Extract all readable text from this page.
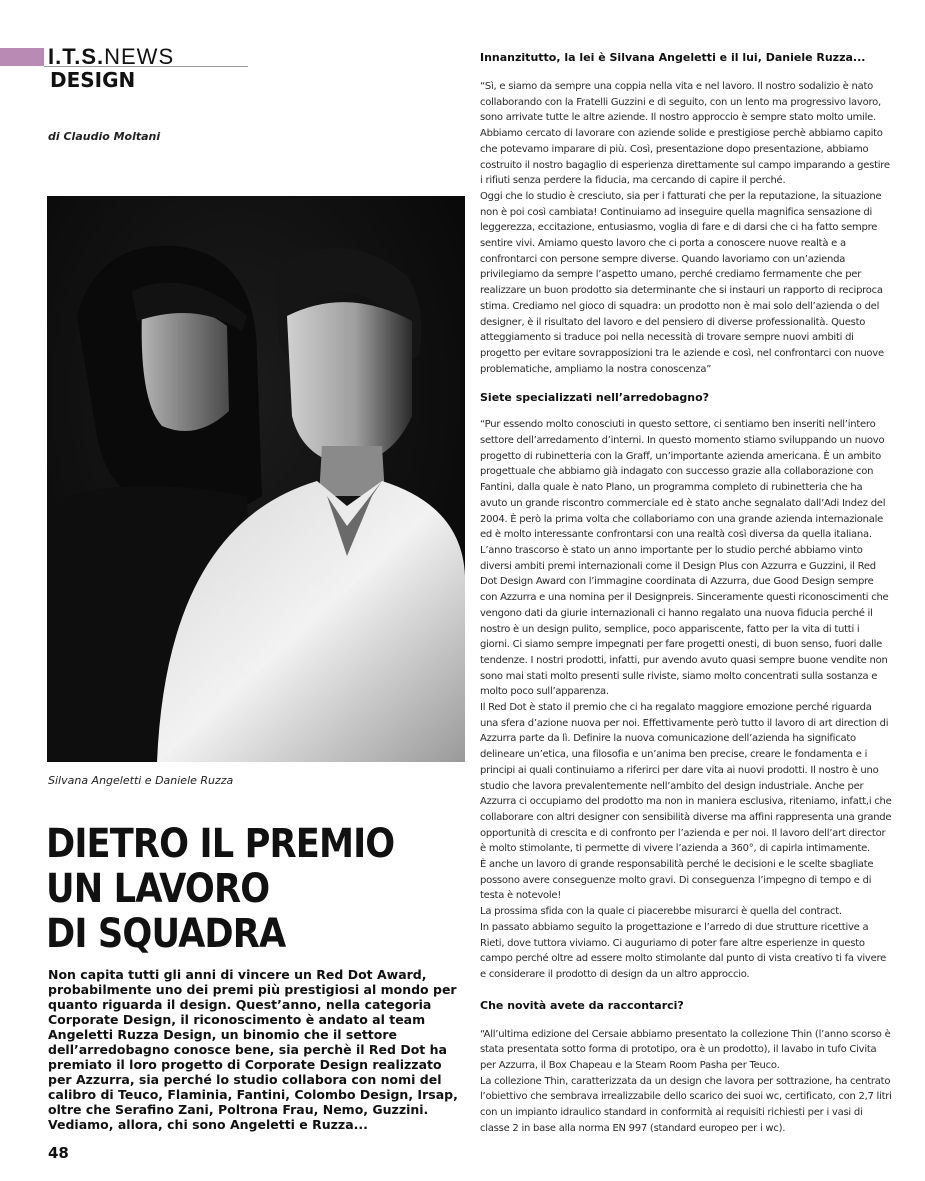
I.T.S.NEWS
DESIGN
di Claudio Moltani
Silvana Angeletti e Daniele Ruzza
DIETRO IL PREMIO
UN LAVORO
DI SQUADRA

Non capita tutti gli anni di vincere un Red Dot Award, probabilmente uno dei premi più prestigiosi al mondo per quanto riguarda il design. Quest’anno, nella categoria Corporate Design, il riconoscimento è andato al team Angeletti Ruzza Design, un binomio che il settore dell’arredobagno conosce bene, sia perchè il Red Dot ha premiato il loro progetto di Corporate Design realizzato per Azzurra, sia perché lo studio collabora con nomi del calibro di Teuco, Flaminia, Fantini, Colombo Design, Irsap, oltre che Serafino Zani, Poltrona Frau, Nemo, Guzzini. Vediamo, allora, chi sono Angeletti e Ruzza...

48
Innanzitutto, la lei è Silvana Angeletti e il lui, Daniele Ruzza...

“Sì, e siamo da sempre una coppia nella vita e nel lavoro. Il nostro sodalizio è nato collaborando con la Fratelli Guzzini e di seguito, con un lento ma progressivo lavoro, sono arrivate tutte le altre aziende. Il nostro approccio è sempre stato molto umile. Abbiamo cercato di lavorare con aziende solide e prestigiose perchè abbiamo capito che potevamo imparare di più. Così, presentazione dopo presentazione, abbiamo costruito il nostro bagaglio di esperienza direttamente sul campo imparando a gestire i rifiuti senza perdere la fiducia, ma cercando di capire il perché.

Oggi che lo studio è cresciuto, sia per i fatturati che per la reputazione, la situazione non è poi così cambiata! Continuiamo ad inseguire quella magnifica sensazione di leggerezza, eccitazione, entusiasmo, voglia di fare e di darsi che ci ha fatto sempre sentire vivi. Amiamo questo lavoro che ci porta a conoscere nuove realtà e a confrontarci con persone sempre diverse. Quando lavoriamo con un’azienda privilegiamo da sempre l’aspetto umano, perché crediamo fermamente che per realizzare un buon prodotto sia determinante che si instauri un rapporto di reciproca stima. Crediamo nel gioco di squadra: un prodotto non è mai solo dell’azienda o del designer, è il risultato del lavoro e del pensiero di diverse professionalità. Questo atteggiamento si traduce poi nella necessità di trovare sempre nuovi ambiti di progetto per evitare sovrapposizioni tra le aziende e così, nel confrontarci con nuove problematiche, ampliamo la nostra conoscenza”

Siete specializzati nell’arredobagno?

“Pur essendo molto conosciuti in questo settore, ci sentiamo ben inseriti nell’intero settore dell’arredamento d’interni. In questo momento stiamo sviluppando un nuovo progetto di rubinetteria con la Graff, un’importante azienda americana. È un ambito progettuale che abbiamo già indagato con successo grazie alla collaborazione con Fantini, dalla quale è nato Plano, un programma completo di rubinetteria che ha avuto un grande riscontro commerciale ed è stato anche segnalato dall’Adi Indez del 2004. È però la prima volta che collaboriamo con una grande azienda internazionale ed è molto interessante confrontarsi con una realtà così diversa da quella italiana. L’anno trascorso è stato un anno importante per lo studio perché abbiamo vinto diversi ambiti premi internazionali come il Design Plus con Azzurra e Guzzini, il Red Dot Design Award con l’immagine coordinata di Azzurra, due Good Design sempre con Azzurra e una nomina per il Designpreis. Sinceramente questi riconoscimenti che vengono dati da giurie internazionali ci hanno regalato una nuova fiducia perché il nostro è un design pulito, semplice, poco appariscente, fatto per la vita di tutti i giorni. Ci siamo sempre impegnati per fare progetti onesti, di buon senso, fuori dalle tendenze. I nostri prodotti, infatti, pur avendo avuto quasi sempre buone vendite non sono mai stati molto presenti sulle riviste, siamo molto concentrati sulla sostanza e molto poco sull’apparenza.

Il Red Dot è stato il premio che ci ha regalato maggiore emozione perché riguarda una sfera d’azione nuova per noi. Effettivamente però tutto il lavoro di art direction di Azzurra parte da lì. Definire la nuova comunicazione dell’azienda ha significato delineare un’etica, una filosofia e un’anima ben precise, creare le fondamenta e i principi ai quali continuiamo a riferirci per dare vita ai nuovi prodotti. Il nostro è uno studio che lavora prevalentemente nell’ambito del design industriale. Anche per Azzurra ci occupiamo del prodotto ma non in maniera esclusiva, riteniamo, infatt,i che collaborare con altri designer con sensibilità diverse ma affini rappresenta una grande opportunità di crescita e di confronto per l’azienda e per noi. Il lavoro dell’art director è molto stimolante, ti permette di vivere l’azienda a 360°, di capirla intimamente.

È anche un lavoro di grande responsabilità perché le decisioni e le scelte sbagliate possono avere conseguenze molto gravi. Di conseguenza l’impegno di tempo e di testa è notevole!

La prossima sfida con la quale ci piacerebbe misurarci è quella del contract.

In passato abbiamo seguito la progettazione e l’arredo di due strutture ricettive a Rieti, dove tuttora viviamo. Ci auguriamo di poter fare altre esperienze in questo campo perché oltre ad essere molto stimolante dal punto di vista creativo ti fa vivere e considerare il prodotto di design da un altro approccio.

Che novità avete da raccontarci?

“All’ultima edizione del Cersaie abbiamo presentato la collezione Thin (l’anno scorso è stata presentata sotto forma di prototipo, ora è un prodotto), il lavabo in tufo Civita per Azzurra, il Box Chapeau e la Steam Room Pasha per Teuco.

La collezione Thin, caratterizzata da un design che lavora per sottrazione, ha centrato l’obiettivo che sembrava irrealizzabile dello scarico dei suoi wc, certificato, con 2,7 litri con un impianto idraulico standard in conformità ai requisiti richiesti per i vasi di classe 2 in base alla norma EN 997 (standard europeo per i wc).
